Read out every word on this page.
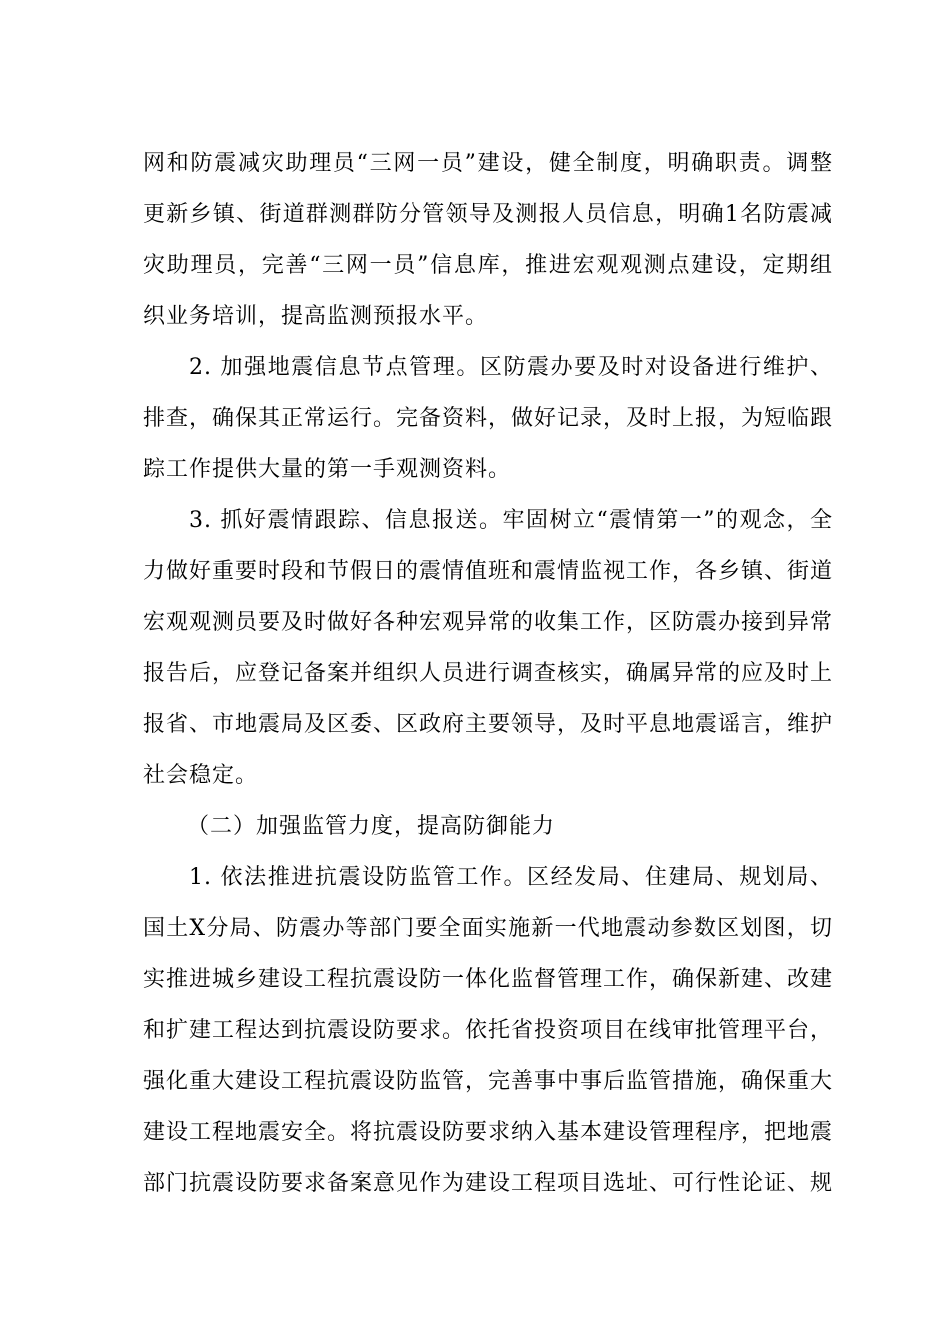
网和防震减灾助理员“三网一员”建设，健全制度，明确职责。调整更新乡镇、街道群测群防分管领导及测报人员信息，明确1名防震减灾助理员，完善“三网一员”信息库，推进宏观观测点建设，定期组织业务培训，提高监测预报水平。

2. 加强地震信息节点管理。区防震办要及时对设备进行维护、排查，确保其正常运行。完备资料，做好记录，及时上报，为短临跟踪工作提供大量的第一手观测资料。

3. 抓好震情跟踪、信息报送。牢固树立“震情第一”的观念，全力做好重要时段和节假日的震情值班和震情监视工作，各乡镇、街道宏观观测员要及时做好各种宏观异常的收集工作，区防震办接到异常报告后，应登记备案并组织人员进行调查核实，确属异常的应及时上报省、市地震局及区委、区政府主要领导，及时平息地震谣言，维护社会稳定。

（二）加强监管力度，提高防御能力

1. 依法推进抗震设防监管工作。区经发局、住建局、规划局、国土X分局、防震办等部门要全面实施新一代地震动参数区划图，切实推进城乡建设工程抗震设防一体化监督管理工作，确保新建、改建和扩建工程达到抗震设防要求。依托省投资项目在线审批管理平台，强化重大建设工程抗震设防监管，完善事中事后监管措施，确保重大建设工程地震安全。将抗震设防要求纳入基本建设管理程序，把地震部门抗震设防要求备案意见作为建设工程项目选址、可行性论证、规
